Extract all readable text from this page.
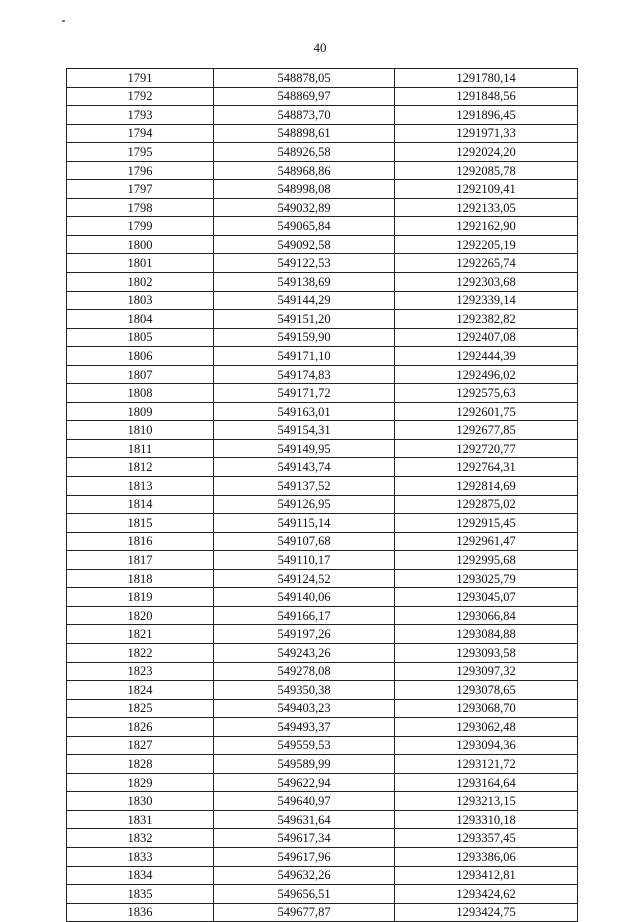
40
1791	548878,05	1291780,14
1792	548869,97	1291848,56
1793	548873,70	1291896,45
1794	548898,61	1291971,33
1795	548926,58	1292024,20
1796	548968,86	1292085,78
1797	548998,08	1292109,41
1798	549032,89	1292133,05
1799	549065,84	1292162,90
1800	549092,58	1292205,19
1801	549122,53	1292265,74
1802	549138,69	1292303,68
1803	549144,29	1292339,14
1804	549151,20	1292382,82
1805	549159,90	1292407,08
1806	549171,10	1292444,39
1807	549174,83	1292496,02
1808	549171,72	1292575,63
1809	549163,01	1292601,75
1810	549154,31	1292677,85
1811	549149,95	1292720,77
1812	549143,74	1292764,31
1813	549137,52	1292814,69
1814	549126,95	1292875,02
1815	549115,14	1292915,45
1816	549107,68	1292961,47
1817	549110,17	1292995,68
1818	549124,52	1293025,79
1819	549140,06	1293045,07
1820	549166,17	1293066,84
1821	549197,26	1293084,88
1822	549243,26	1293093,58
1823	549278,08	1293097,32
1824	549350,38	1293078,65
1825	549403,23	1293068,70
1826	549493,37	1293062,48
1827	549559,53	1293094,36
1828	549589,99	1293121,72
1829	549622,94	1293164,64
1830	549640,97	1293213,15
1831	549631,64	1293310,18
1832	549617,34	1293357,45
1833	549617,96	1293386,06
1834	549632,26	1293412,81
1835	549656,51	1293424,62
1836	549677,87	1293424,75
